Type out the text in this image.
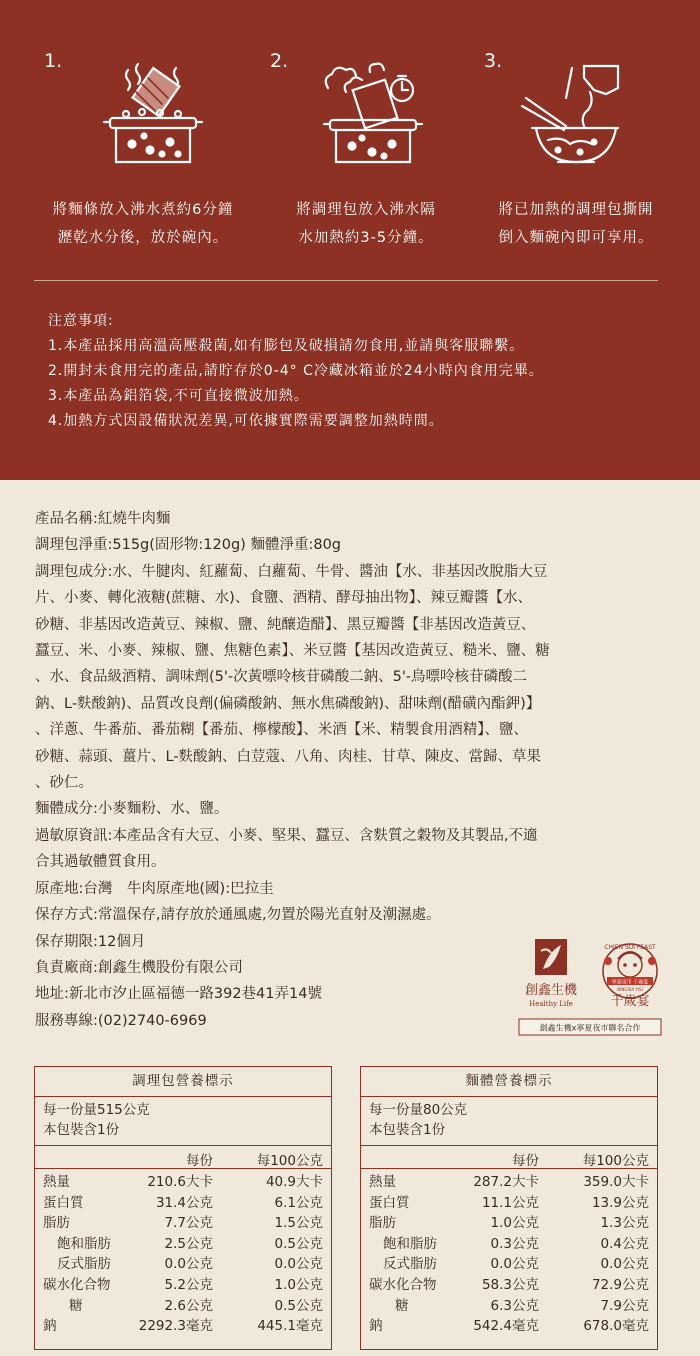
1.
將麵條放入沸水煮約6分鐘
瀝乾水分後，放於碗內。
2.
將調理包放入沸水隔
水加熱約3-5分鐘。
3.
將已加熱的調理包撕開
倒入麵碗內即可享用。
注意事項:
1.本產品採用高溫高壓殺菌,如有膨包及破損請勿食用,並請與客服聯繫。
2.開封未食用完的產品,請貯存於0-4° C冷藏冰箱並於24小時內食用完畢。
3.本產品為鋁箔袋,不可直接微波加熱。
4.加熱方式因設備狀況差異,可依據實際需要調整加熱時間。

產品名稱:紅燒牛肉麵

調理包淨重:515g(固形物:120g) 麵體淨重:80g

調理包成分:水、牛腱肉、紅蘿蔔、白蘿蔔、牛骨、醬油【水、非基因改脫脂大豆

片、小麥、轉化液糖(蔗糖、水)、食鹽、酒精、酵母抽出物】、辣豆瓣醬【水、

砂糖、非基因改造黃豆、辣椒、鹽、純釀造醋】、黑豆瓣醬【非基因改造黃豆、

蠶豆、米、小麥、辣椒、鹽、焦糖色素】、米豆醬【基因改造黃豆、糙米、鹽、糖

、水、食品級酒精、調味劑(5'-次黃嘌呤核苷磷酸二鈉、5'-鳥嘌呤核苷磷酸二

鈉、L-麩酸鈉)、品質改良劑(偏磷酸鈉、無水焦磷酸鈉)、甜味劑(醋磺內酯鉀)】

、洋蔥、牛番茄、番茄糊【番茄、檸檬酸】、米酒【米、精製食用酒精】、鹽、

砂糖、蒜頭、薑片、L-麩酸鈉、白荳蔻、八角、肉桂、甘草、陳皮、當歸、草果

、砂仁。

麵體成分:小麥麵粉、水、鹽。

過敏原資訊:本產品含有大豆、小麥、堅果、蠶豆、含麩質之穀物及其製品,不適

合其過敏體質食用。

原產地:台灣　牛肉原產地(國):巴拉圭

保存方式:常溫保存,請存放於通風處,勿置於陽光直射及潮濕處。

保存期限:12個月

負責廠商:創鑫生機股份有限公司

地址:新北市汐止區福德一路392巷41弄14號

服務專線:(02)2740-6969

創鑫生機
Healthy Life
CHIEN SUI FEAST
寧夏夜市 千歲宴
NINGXIA YISI
千歲宴
創鑫生機x寧夏夜市聯名合作
調理包營養標示
每一份量515公克
本包裝含1份
每份	每100公克
熱量	210.6大卡	40.9大卡
蛋白質	31.4公克	6.1公克
脂肪	7.7公克	1.5公克
飽和脂肪	2.5公克	0.5公克
反式脂肪	0.0公克	0.0公克
碳水化合物	5.2公克	1.0公克
糖	2.6公克	0.5公克
鈉	2292.3毫克	445.1毫克
麵體營養標示
每一份量80公克
本包裝含1份
每份	每100公克
熱量	287.2大卡	359.0大卡
蛋白質	11.1公克	13.9公克
脂肪	1.0公克	1.3公克
飽和脂肪	0.3公克	0.4公克
反式脂肪	0.0公克	0.0公克
碳水化合物	58.3公克	72.9公克
糖	6.3公克	7.9公克
鈉	542.4毫克	678.0毫克
